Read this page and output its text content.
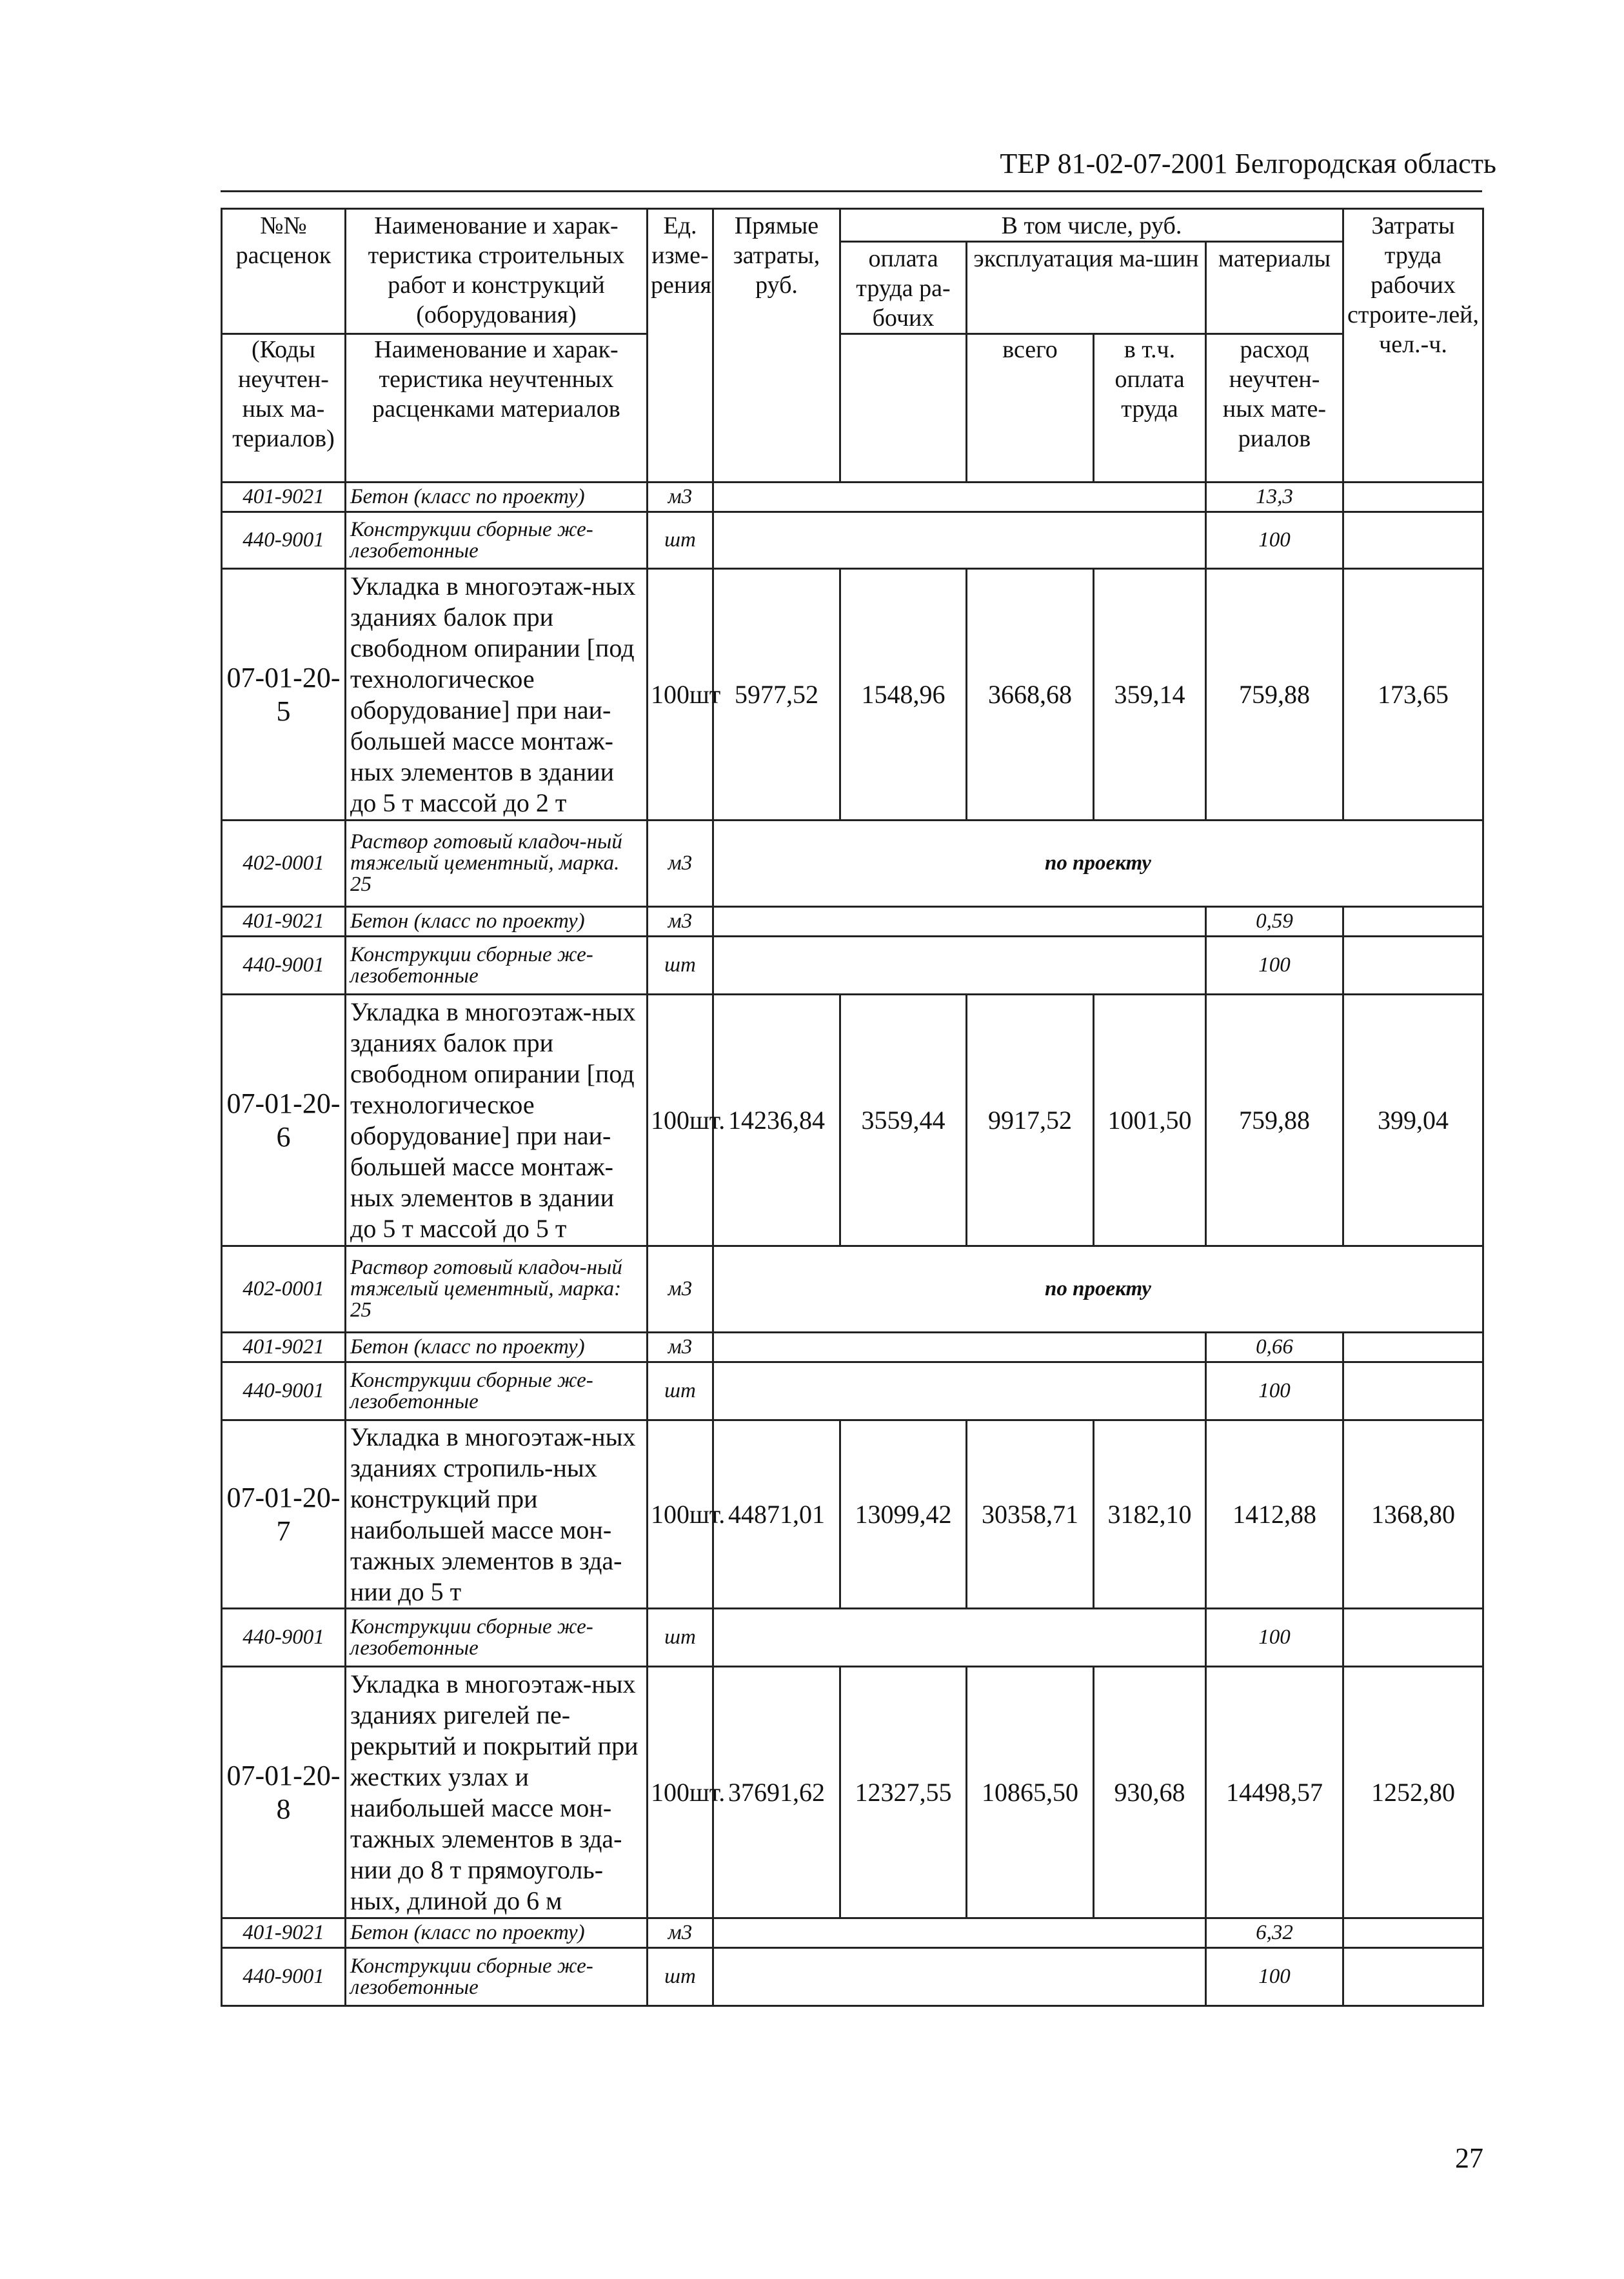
ТЕР 81-02-07-2001 Белгородская область
№№
расценок	Наименование и харак-теристика строительных работ и конструкций (оборудования)	Ед. изме-рения	Прямые затраты, руб.	В том числе, руб.				Затраты труда рабочих строите-лей, чел.-ч.
				оплата труда ра-бочих	эксплуатация ма-шин		материалы	

(Коды неучтен-ных ма-териалов)	Наименование и харак-теристика неучтенных расценками материалов				всего	в т.ч. оплата труда	расход неучтен-ных мате-риалов	
401-9021	Бетон (класс по проекту)	м3					13,3	
440-9001	Конструкции сборные же-лезобетонные	шт					100	
07-01-20-5	Укладка в многоэтаж-ных зданиях балок при свободном опирании [под технологическое оборудование] при наи-большей массе монтаж-ных элементов в здании до 5 т массой до 2 т	100шт	5977,52	1548,96	3668,68	359,14	759,88	173,65
402-0001	Раствор готовый кладоч-ный тяжелый цементный, марка. 25	м3	по проекту					
401-9021	Бетон (класс по проекту)	м3					0,59	
440-9001	Конструкции сборные же-лезобетонные	шт					100	
07-01-20-6	Укладка в многоэтаж-ных зданиях балок при свободном опирании [под технологическое оборудование] при наи-большей массе монтаж-ных элементов в здании до 5 т массой до 5 т	100шт.	14236,84	3559,44	9917,52	1001,50	759,88	399,04
402-0001	Раствор готовый кладоч-ный тяжелый цементный, марка: 25	м3	по проекту					
401-9021	Бетон (класс по проекту)	м3					0,66	
440-9001	Конструкции сборные же-лезобетонные	шт					100	
07-01-20-7	Укладка в многоэтаж-ных зданиях стропиль-ных конструкций при наибольшей массе мон-тажных элементов в зда-нии до 5 т	100шт.	44871,01	13099,42	30358,71	3182,10	1412,88	1368,80
440-9001	Конструкции сборные же-лезобетонные	шт					100	
07-01-20-8	Укладка в многоэтаж-ных зданиях ригелей пе-рекрытий и покрытий при жестких узлах и наибольшей массе мон-тажных элементов в зда-нии до 8 т прямоуголь-ных, длиной до 6 м	100шт.	37691,62	12327,55	10865,50	930,68	14498,57	1252,80
401-9021	Бетон (класс по проекту)	м3					6,32	
440-9001	Конструкции сборные же-лезобетонные	шт					100	
27
